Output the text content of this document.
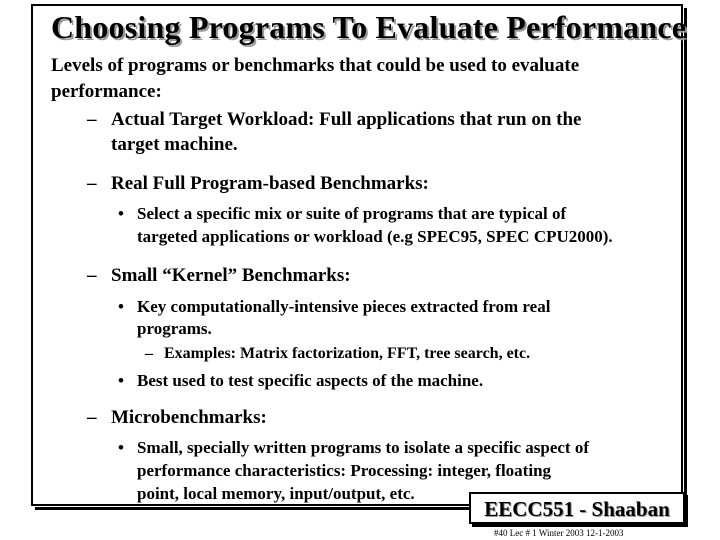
Choosing Programs To Evaluate Performance
Levels of programs or benchmarks that could be used to evaluate
performance:
– Actual Target Workload: Full applications that run on the
target machine.
– Real Full Program-based Benchmarks:
• Select a specific mix or suite of programs that are typical of
targeted applications or workload (e.g SPEC95, SPEC CPU2000).
– Small “Kernel” Benchmarks:
• Key computationally-intensive pieces extracted from real
programs.
– Examples: Matrix factorization, FFT, tree search, etc.
• Best used to test specific aspects of the machine.
– Microbenchmarks:
• Small, specially written programs to isolate a specific aspect of
performance characteristics: Processing: integer, floating
point, local memory, input/output, etc.
EECC551 - Shaaban
#40 Lec # 1 Winter 2003 12-1-2003
